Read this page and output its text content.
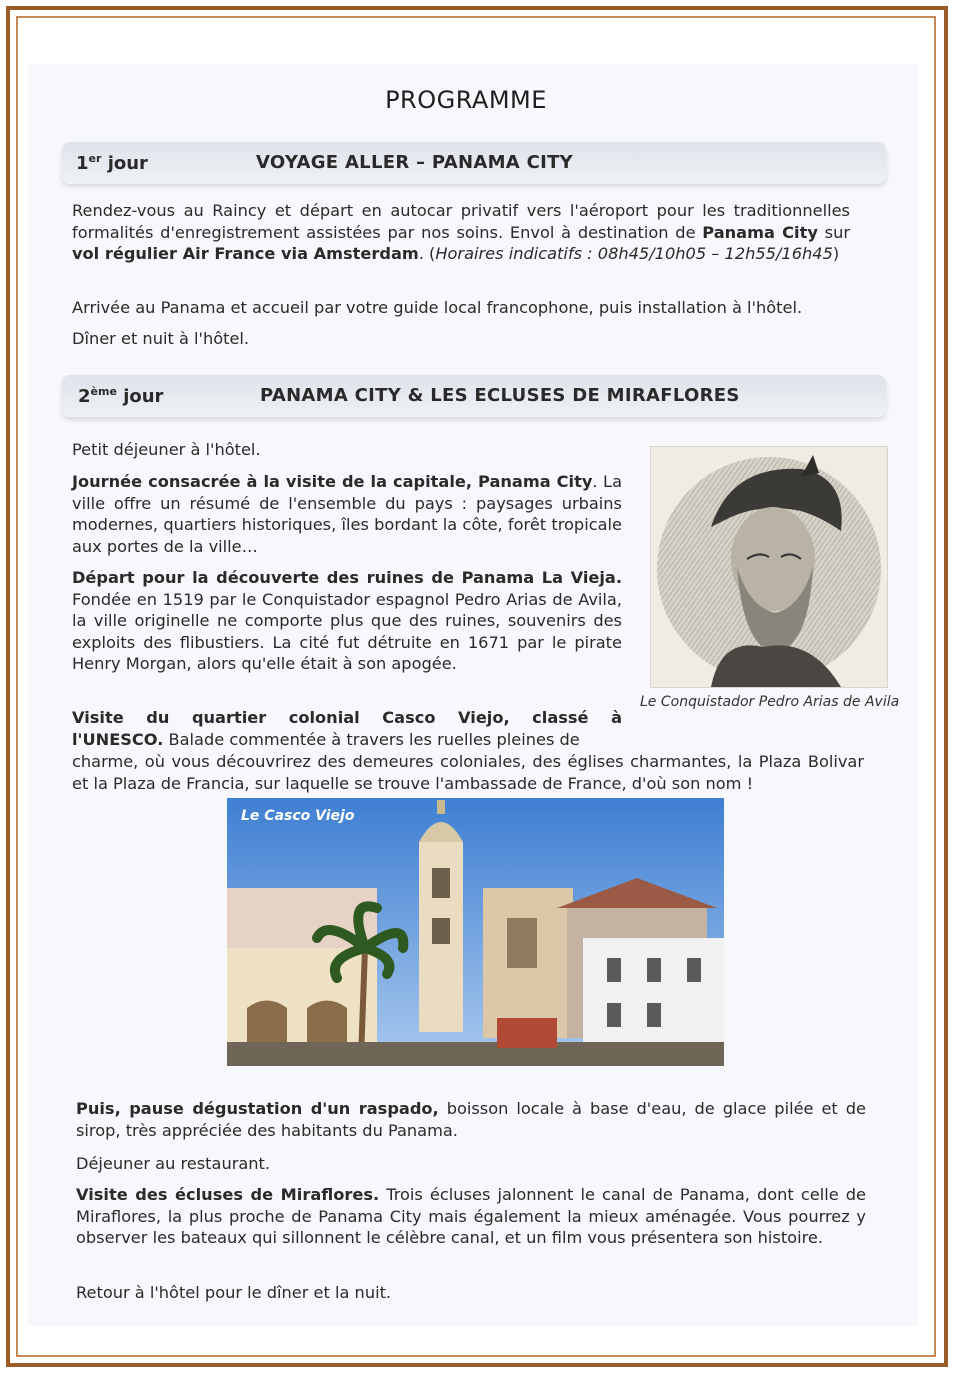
PROGRAMME
1er jour	VOYAGE ALLER – PANAMA CITY

Rendez-vous au Raincy et départ en autocar privatif vers l'aéroport pour les traditionnelles formalités d'enregistrement assistées par nos soins. Envol à destination de Panama City sur vol régulier Air France via Amsterdam. (Horaires indicatifs : 08h45/10h05 – 12h55/16h45)

Arrivée au Panama et accueil par votre guide local francophone, puis installation à l'hôtel.

Dîner et nuit à l'hôtel.

2ème jour	PANAMA CITY & LES ECLUSES DE MIRAFLORES

Petit déjeuner à l'hôtel.

Journée consacrée à la visite de la capitale, Panama City. La ville offre un résumé de l'ensemble du pays : paysages urbains modernes, quartiers historiques, îles bordant la côte, forêt tropicale aux portes de la ville…

Départ pour la découverte des ruines de Panama La Vieja. Fondée en 1519 par le Conquistador espagnol Pedro Arias de Avila, la ville originelle ne comporte plus que des ruines, souvenirs des exploits des flibustiers. La cité fut détruite en 1671 par le pirate Henry Morgan, alors qu'elle était à son apogée.

Visite du quartier colonial Casco Viejo, classé à

l'UNESCO. Balade commentée à travers les ruelles pleines de

charme, où vous découvrirez des demeures coloniales, des églises charmantes, la Plaza Bolivar et la Plaza de Francia, sur laquelle se trouve l'ambassade de France, d'où son nom !

Le Conquistador Pedro Arias de Avila
Le Casco Viejo

Puis, pause dégustation d'un raspado, boisson locale à base d'eau, de glace pilée et de sirop, très appréciée des habitants du Panama.

Déjeuner au restaurant.

Visite des écluses de Miraflores. Trois écluses jalonnent le canal de Panama, dont celle de Miraflores, la plus proche de Panama City mais également la mieux aménagée. Vous pourrez y observer les bateaux qui sillonnent le célèbre canal, et un film vous présentera son histoire.

Retour à l'hôtel pour le dîner et la nuit.
